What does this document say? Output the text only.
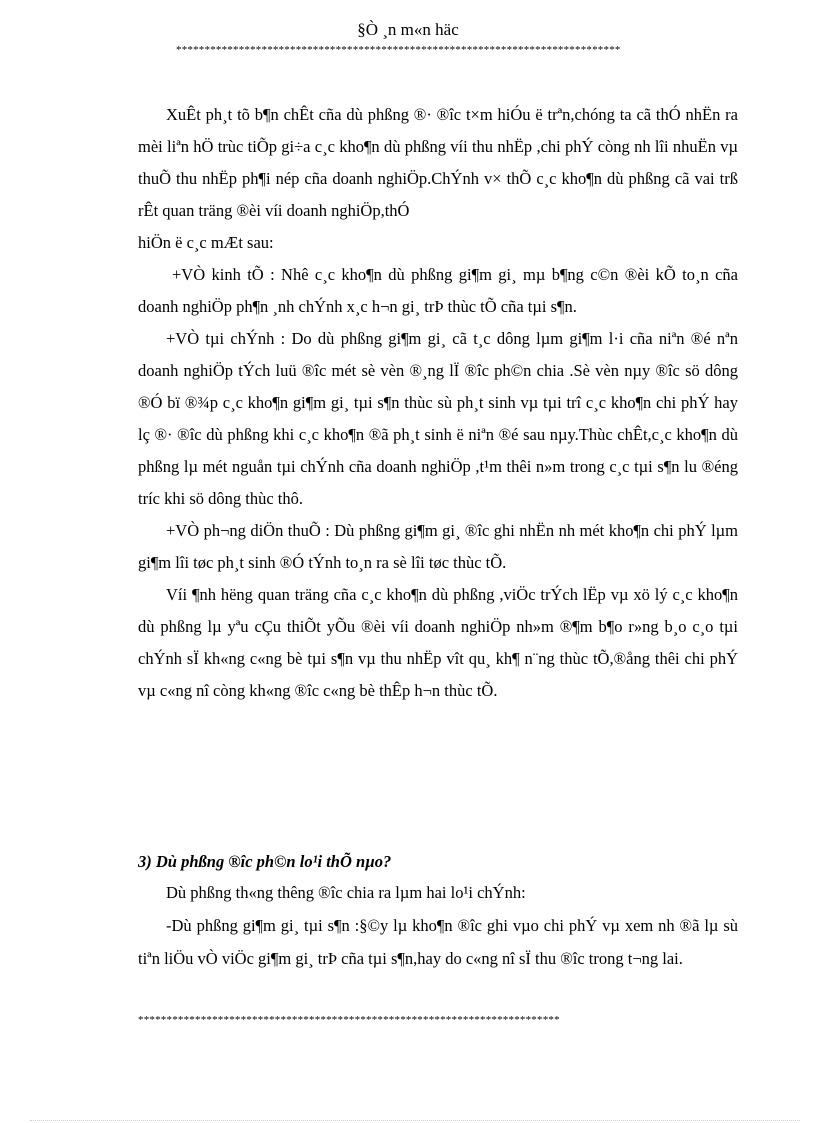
§Ò ¸n m«n häc
******************************************************************************

XuÊt ph¸t tõ b¶n chÊt cña dù phßng ®· ®îc t×m hiÓu ë trªn,chóng ta cã thÓ nhËn ra mèi liªn hÖ trùc tiÕp gi÷a c¸c kho¶n dù phßng víi thu nhËp ,chi phÝ còng nh lîi nhuËn vµ thuÕ thu nhËp ph¶i nép cña doanh nghiÖp.ChÝnh v× thÕ c¸c kho¶n dù phßng cã vai trß rÊt quan träng ®èi víi doanh nghiÖp,thÓ

hiÖn ë c¸c mÆt sau:

+VÒ kinh tÕ : Nhê c¸c kho¶n dù phßng gi¶m gi¸ mµ b¶ng c©n ®èi kÕ to¸n cña doanh nghiÖp ph¶n ¸nh chÝnh x¸c h¬n gi¸ trÞ thùc tÕ cña tµi s¶n.

+VÒ tµi chÝnh : Do dù phßng gi¶m gi¸ cã t¸c dông lµm gi¶m l·i cña niªn ®é nªn doanh nghiÖp tÝch luü ®îc mét sè vèn ®¸ng lÏ ®îc ph©n chia .Sè vèn nµy ®îc sö dông ®Ó bï ®¾p c¸c kho¶n gi¶m gi¸ tµi s¶n thùc sù ph¸t sinh vµ tµi trî c¸c kho¶n chi phÝ hay lç ®· ®îc dù phßng khi c¸c kho¶n ®ã ph¸t sinh ë niªn ®é sau nµy.Thùc chÊt,c¸c kho¶n dù phßng lµ mét nguån tµi chÝnh cña doanh nghiÖp ,t¹m thêi n»m trong c¸c tµi s¶n lu ®éng tríc khi sö dông thùc thô.

+VÒ ph¬ng diÖn thuÕ : Dù phßng gi¶m gi¸ ®îc ghi nhËn nh mét kho¶n chi phÝ lµm gi¶m lîi tøc ph¸t sinh ®Ó tÝnh to¸n ra sè lîi tøc thùc tÕ.

Víi ¶nh hëng quan träng cña c¸c kho¶n dù phßng ,viÖc trÝch lËp vµ xö lý c¸c kho¶n dù phßng lµ yªu cÇu thiÕt yÕu ®èi víi doanh nghiÖp nh»m ®¶m b¶o r»ng b¸o c¸o tµi chÝnh sÏ kh«ng c«ng bè tµi s¶n vµ thu nhËp vît qu¸ kh¶ n¨ng thùc tÕ,®ång thêi chi phÝ vµ c«ng nî còng kh«ng ®îc c«ng bè thÊp h¬n thùc tÕ.

3) Dù phßng ®îc ph©n lo¹i thÕ nµo?

Dù phßng th«ng thêng ®îc chia ra lµm hai lo¹i chÝnh:

-Dù phßng gi¶m gi¸ tµi s¶n :§©y lµ kho¶n ®îc ghi vµo chi phÝ vµ xem nh ®ã lµ sù tiªn liÖu vÒ viÖc gi¶m gi¸ trÞ cña tµi s¶n,hay do c«ng nî sÏ thu ®îc trong t¬ng lai.

**************************************************************************
